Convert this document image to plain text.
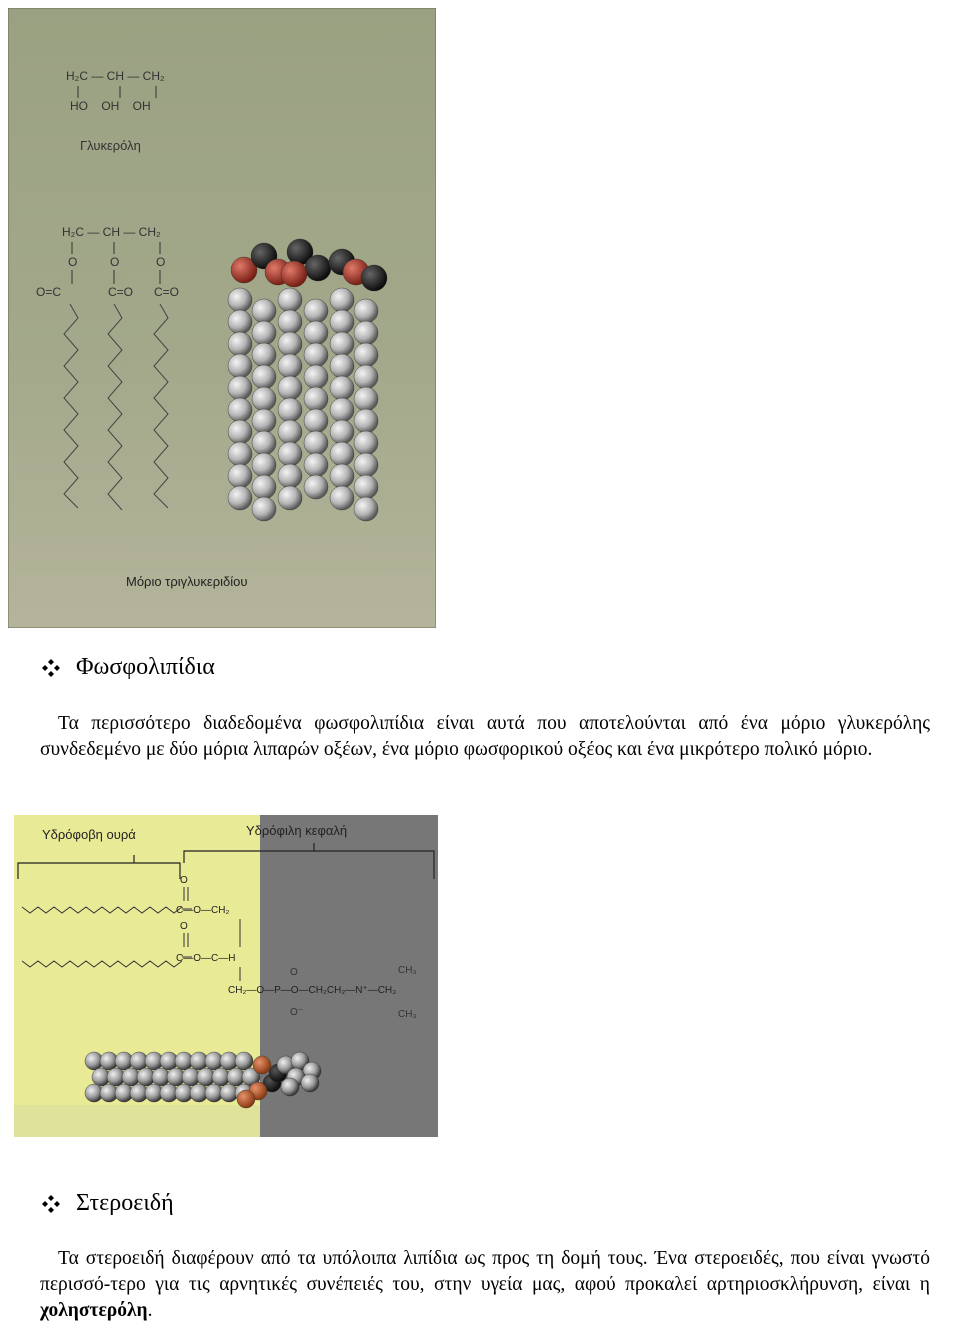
H₂C — CH — CH₂
HO    OH    OH
Γλυκερόλη
H₂C — CH — CH₂
O	O	O
O=C	C=O C=O
Μόριο τριγλυκεριδίου
Φωσφολιπίδια

Τα περισσότερο διαδεδομένα φωσφολιπίδια είναι αυτά που αποτελούνται από ένα μόριο γλυκερόλης συνδεδεμένο με δύο μόρια λιπαρών οξέων, ένα μόριο φωσφορικού οξέος και ένα μικρότερο πολικό μόριο.

Υδρόφοβη ουρά	Υδρόφιλη κεφαλή
O
C—O—CH₂
O
C—O—C—H
CH₂—O—P—O—CH₂CH₂—N⁺—CH₃
O
O⁻
CH₃
CH₃
Στεροειδή

Τα στεροειδή διαφέρουν από τα υπόλοιπα λιπίδια ως προς τη δομή τους. Ένα στεροειδές, που είναι γνωστό περισσό-τερο για τις αρνητικές συνέπειές του, στην υγεία μας, αφού προκαλεί αρτηριοσκλήρυνση, είναι η χοληστερόλη.
